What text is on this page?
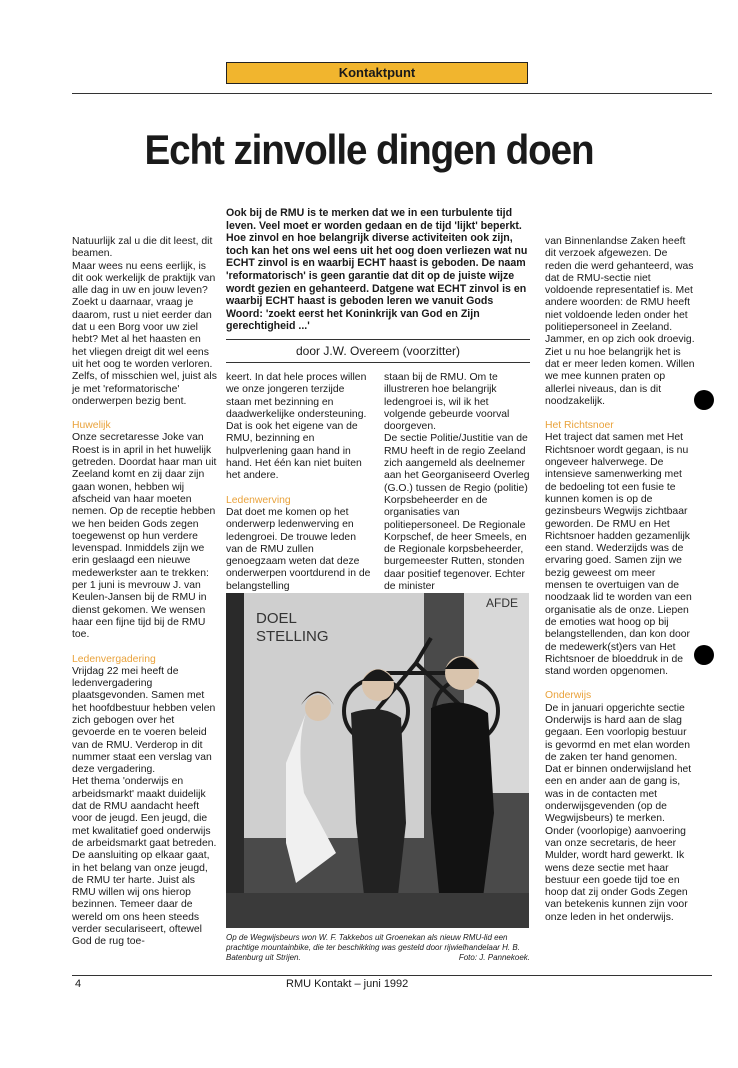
Kontaktpunt
Echt zinvolle dingen doen
Ook bij de RMU is te merken dat we in een turbulente tijd leven. Veel moet er worden gedaan en de tijd 'lijkt' beperkt. Hoe zinvol en hoe belangrijk diverse activiteiten ook zijn, toch kan het ons wel eens uit het oog doen verliezen wat nu ECHT zinvol is en waarbij ECHT haast is geboden. De naam 'reformatorisch' is geen garantie dat dit op de juiste wijze wordt gezien en gehanteerd. Datgene wat ECHT zinvol is en waarbij ECHT haast is geboden leren we vanuit Gods Woord: 'zoekt eerst het Koninkrijk van God en Zijn gerechtigheid ...'
door J.W. Overeem (voorzitter)

Natuurlijk zal u die dit leest, dit beamen.

Maar wees nu eens eerlijk, is dit ook werkelijk de praktijk van alle dag in uw en jouw leven? Zoekt u daarnaar, vraag je daarom, rust u niet eerder dan dat u een Borg voor uw ziel hebt? Met al het haasten en het vliegen dreigt dit wel eens uit het oog te worden verloren. Zelfs, of misschien wel, juist als je met 'reformatorische' onderwerpen bezig bent.

Huwelijk

Onze secretaresse Joke van Roest is in april in het huwelijk getreden. Doordat haar man uit Zeeland komt en zij daar zijn gaan wonen, hebben wij afscheid van haar moeten nemen. Op de receptie hebben we hen beiden Gods zegen toegewenst op hun verdere levenspad. Inmiddels zijn we erin geslaagd een nieuwe medewerkster aan te trekken: per 1 juni is mevrouw J. van Keulen-Jansen bij de RMU in dienst gekomen. We wensen haar een fijne tijd bij de RMU toe.

Ledenvergadering

Vrijdag 22 mei heeft de ledenvergadering plaatsgevonden. Samen met het hoofdbestuur hebben velen zich gebogen over het gevoerde en te voeren beleid van de RMU. Verderop in dit nummer staat een verslag van deze vergadering.

Het thema 'onderwijs en arbeidsmarkt' maakt duidelijk dat de RMU aandacht heeft voor de jeugd. Een jeugd, die met kwalitatief goed onderwijs de arbeidsmarkt gaat betreden. De aansluiting op elkaar gaat, in het belang van onze jeugd, de RMU ter harte. Juist als RMU willen wij ons hierop bezinnen. Temeer daar de wereld om ons heen steeds verder seculariseert, oftewel God de rug toe-

keert. In dat hele proces willen we onze jongeren terzijde staan met bezinning en daadwerkelijke ondersteuning. Dat is ook het eigene van de RMU, bezinning en hulpverlening gaan hand in hand. Het één kan niet buiten het andere.

Ledenwerving

Dat doet me komen op het onderwerp ledenwerving en ledengroei. De trouwe leden van de RMU zullen genoegzaam weten dat deze onderwerpen voortdurend in de belangstelling

staan bij de RMU. Om te illustreren hoe belangrijk ledengroei is, wil ik het volgende gebeurde voorval doorgeven.

De sectie Politie/Justitie van de RMU heeft in de regio Zeeland zich aangemeld als deelnemer aan het Georganiseerd Overleg (G.O.) tussen de Regio (politie) Korpsbeheerder en de organisaties van politiepersoneel. De Regionale Korpschef, de heer Smeels, en de Regionale korpsbeheerder, burgemeester Rutten, stonden daar positief tegenover. Echter de minister

van Binnenlandse Zaken heeft dit verzoek afgewezen. De reden die werd gehanteerd, was dat de RMU-sectie niet voldoende representatief is. Met andere woorden: de RMU heeft niet voldoende leden onder het politiepersoneel in Zeeland. Jammer, en op zich ook droevig. Ziet u nu hoe belangrijk het is dat er meer leden komen. Willen we mee kunnen praten op allerlei niveaus, dan is dit noodzakelijk.

Het Richtsnoer

Het traject dat samen met Het Richtsnoer wordt gegaan, is nu ongeveer halverwege. De intensieve samenwerking met de bedoeling tot een fusie te kunnen komen is op de gezinsbeurs Wegwijs zichtbaar geworden. De RMU en Het Richtsnoer hadden gezamenlijk een stand. Wederzijds was de ervaring goed. Samen zijn we bezig geweest om meer mensen te overtuigen van de noodzaak lid te worden van een organisatie als de onze. Liepen de emoties wat hoog op bij belangstellenden, dan kon door de medewerk(st)ers van Het Richtsnoer de bloeddruk in de stand worden opgenomen.

Onderwijs

De in januari opgerichte sectie Onderwijs is hard aan de slag gegaan. Een voorlopig bestuur is gevormd en met elan worden de zaken ter hand genomen. Dat er binnen onderwijsland het een en ander aan de gang is, was in de contacten met onderwijsgevenden (op de Wegwijsbeurs) te merken. Onder (voorlopige) aanvoering van onze secretaris, de heer Mulder, wordt hard gewerkt. Ik wens deze sectie met haar bestuur een goede tijd toe en hoop dat zij onder Gods Zegen van betekenis kunnen zijn voor onze leden in het onderwijs.

DOEL
STELLING
AFDE
Op de Wegwijsbeurs won W. F. Takkebos uit Groenekan als nieuw RMU-lid een prachtige mountainbike, die ter beschikking was gesteld door rijwielhandelaar H. B. Batenburg uit Strijen.	Foto: J. Pannekoek.
4	RMU Kontakt – juni 1992
